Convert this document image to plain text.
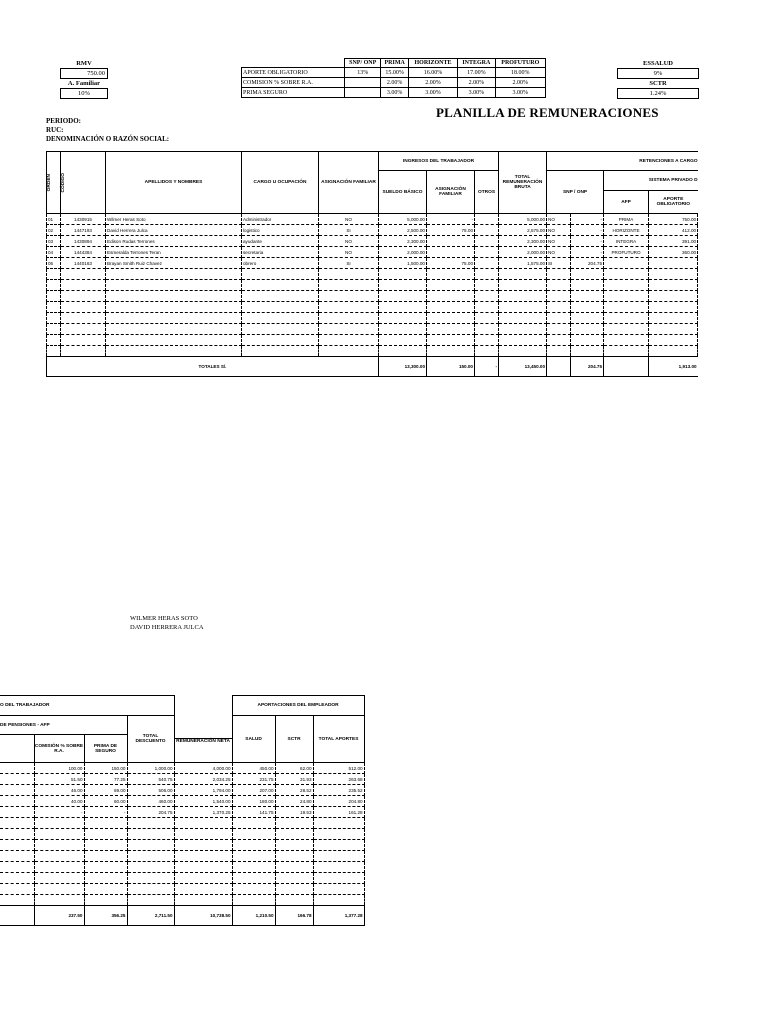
RMV
750.00
A. Familiar
10%
	SNP/ ONP	PRIMA	HORIZONTE	INTEGRA	PROFUTURO
APORTE OBLIGATORIO	13%	15.00%	16.00%	17.00%	18.00%
COMISION % SOBRE R.A.		2.00%	2.00%	2.00%	2.00%
PRIMA SEGURO		3.00%	3.00%	3.00%	3.00%
ESSALUD
9%
SCTR
1.24%
PLANILLA DE REMUNERACIONES
PERIODO:
RUC:
DENOMINACIÓN O RAZÓN SOCIAL:
ORDEN	CÓDIGO	APELLIDOS Y NOMBRES	CARGO U OCUPACIÓN	ASIGNACIÓN FAMILIAR	INGRESOS DEL TRABAJADOR			TOTAL REMUNERACIÓN BRUTA	RETENCIONES A CARGO			
					SUELDO BÁSICO	ASIGNACIÓN FAMILIAR	OTROS		SNP / ONP		SISTEMA PRIVADO D	
											AFP	APORTE OBLIGATORIO
01	1430915	Wilmer Heras Soto	Administrador	NO	5,000.00	-		5,000.00	NO	-	PRIMA	750.00
02	1447193	David Herrera Julca	logistico	SI	2,500.00	75.00		2,575.00	NO	-	HORIZONTE	412.00
03	1430894	Edison Rudas Terrones	ayudante	NO	2,300.00			2,300.00	NO	-	INTEGRA	391.00
04	1444384	Esmeralda Terrones Teran	secretaria	NO	2,000.00			2,000.00	NO	-	PROFUTURO	360.00
05	1440163	Brayan Smith Ruiz Chavez	obrero	SI	1,500.00	75.00		1,575.00	SI	204.75		

TOTALES S/.					13,300.00	150.00	-	13,450.00		204.75		1,913.00
WILMER HERAS SOTO
DAVID HERRERA JULCA
O DEL TRABAJADOR					APORTACIONES DEL EMPLEADOR		
DE PENSIONES - AFP			TOTAL DESCUENTO		SALUD	SCTR	TOTAL APORTES
	COMISIÓN % SOBRE R.A.	PRIMA DE SEGURO					
				REMUNERACIÓN NETA			
	100.00	150.00	1,000.00	4,000.00	450.00	62.00	512.00
	51.50	77.25	540.75	2,034.25	231.75	31.93	263.68
	46.00	69.00	506.00	1,794.00	207.00	28.52	235.52
	40.00	60.00	460.00	1,540.00	180.00	24.80	204.80
	-	-	204.75	1,370.25	141.75	19.53	161.28

	237.50	356.25	2,711.50	10,738.50	1,210.50	166.78	1,377.28
